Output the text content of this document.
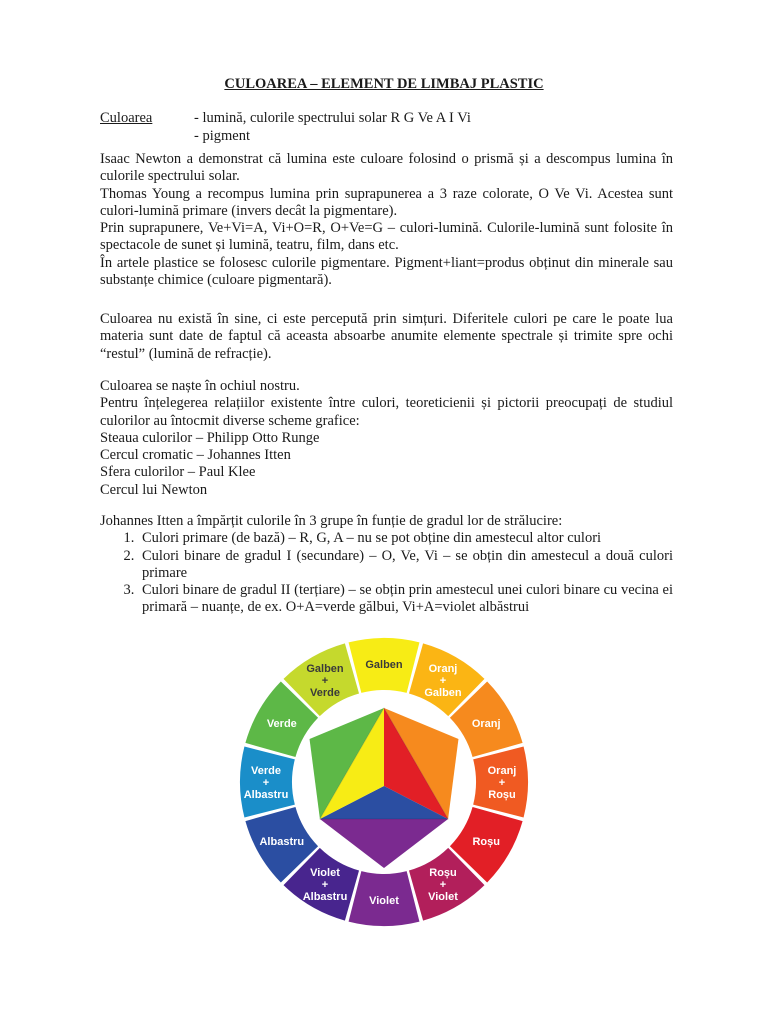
CULOAREA – ELEMENT DE LIMBAJ PLASTIC
Culoarea	- lumină, culorile spectrului solar R G Ve A I Vi
- pigment

Isaac Newton a demonstrat că lumina este culoare folosind o prismă și a descompus lumina în culorile spectrului solar.

Thomas Young a recompus lumina prin suprapunerea a 3 raze colorate, O Ve Vi. Acestea sunt culori-lumină primare (invers decât la pigmentare).

Prin suprapunere, Ve+Vi=A, Vi+O=R, O+Ve=G – culori-lumină. Culorile-lumină sunt folosite în spectacole de sunet și lumină, teatru, film, dans etc.

În artele plastice se folosesc culorile pigmentare. Pigment+liant=produs obținut din minerale sau substanțe chimice (culoare pigmentară).

Culoarea nu există în sine, ci este percepută prin simțuri. Diferitele culori pe care le poate lua materia sunt date de faptul că aceasta absoarbe anumite elemente spectrale și trimite spre ochi “restul” (lumină de refracție).

Culoarea se naște în ochiul nostru.

Pentru înțelegerea relațiilor existente între culori, teoreticienii și pictorii preocupați de studiul culorilor au întocmit diverse scheme grafice:

Steaua culorilor – Philipp Otto Runge

Cercul cromatic – Johannes Itten

Sfera culorilor – Paul Klee

Cercul lui Newton

Johannes Itten a împărțit culorile în 3 grupe în funție de gradul lor de strălucire:

1. Culori primare (de bază) – R, G, A – nu se pot obține din amestecul altor culori
2. Culori binare de gradul I (secundare) – O, Ve, Vi – se obțin din amestecul a două culori primare
3. Culori binare de gradul II (terțiare) – se obțin prin amestecul unei culori binare cu vecina ei primară – nuanțe, de ex. O+A=verde gălbui, Vi+A=violet albăstrui
Galben	Oranj + Galben
Oranj
Oranj + Roșu
Roșu
Roșu + Violet
Violet
Violet + Albastru
Albastru
Verde + Albastru
Verde
Galben + Verde
